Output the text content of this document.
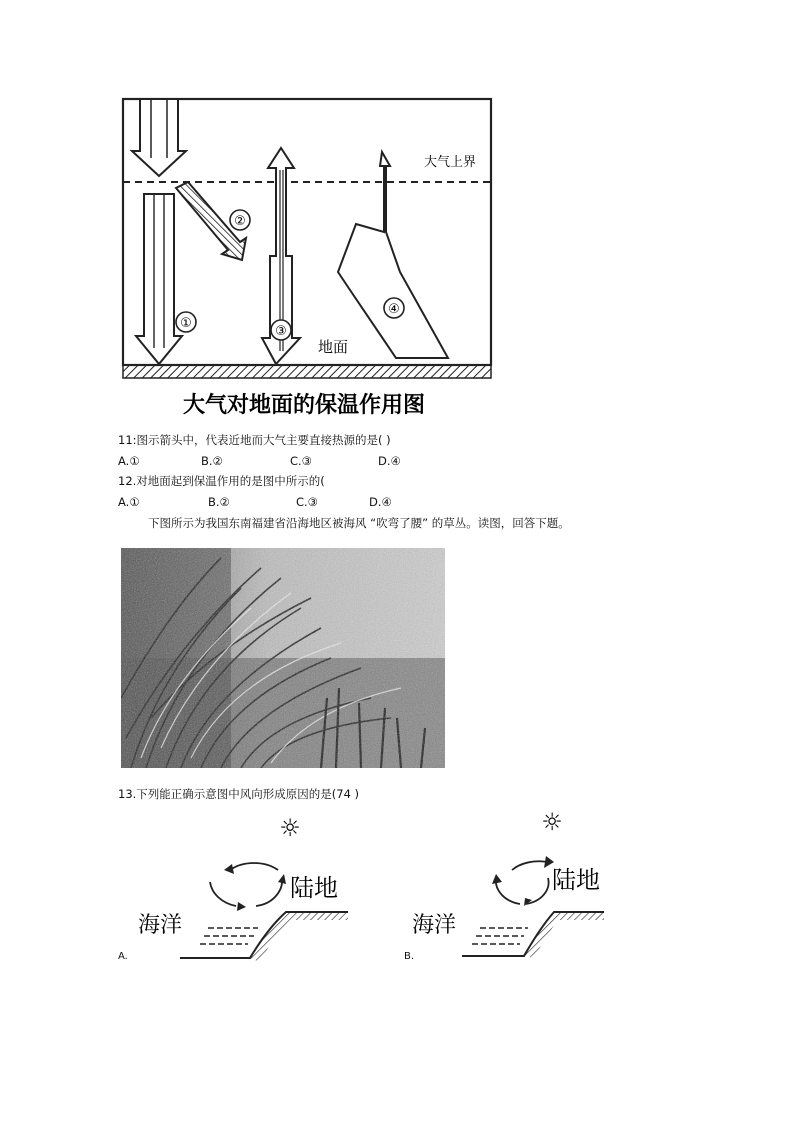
①
②
③
④
大气上界
地面
大气对地面的保温作用图
11:图示箭头中，代表近地而大气主要直接热源的是( )
A.①	B.②	C.③	D.④
12.对地面起到保温作用的是图中所示的(
A.①	B.②	C.③	D.④
下图所示为我国东南福建省沿海地区被海风 “吹弯了腰” 的草丛。读图，回答下题。
13.下列能正确示意图中风向形成原因的是(74 )
☼
陆地
海洋
A.
☼
陆地
海洋
B.
